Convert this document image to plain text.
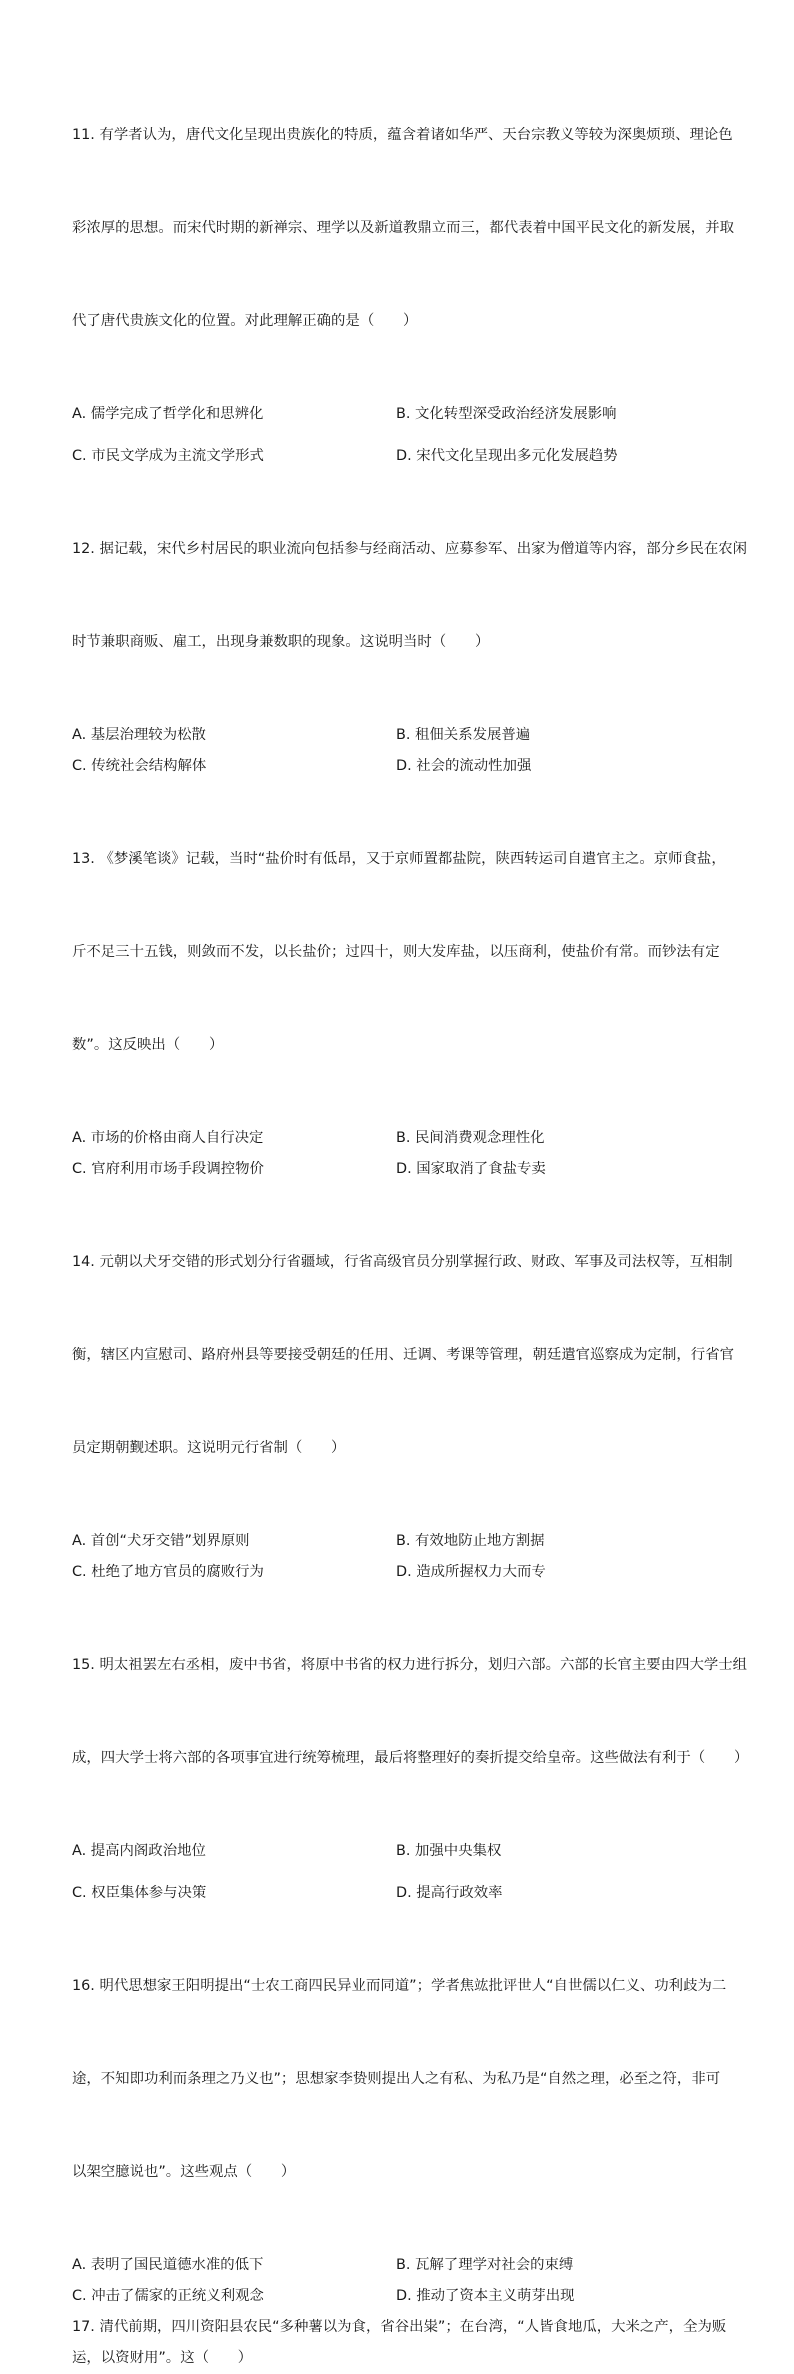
11. 有学者认为，唐代文化呈现出贵族化的特质，蕴含着诸如华严、天台宗教义等较为深奥烦琐、理论色

彩浓厚的思想。而宋代时期的新禅宗、理学以及新道教鼎立而三，都代表着中国平民文化的新发展，并取

代了唐代贵族文化的位置。对此理解正确的是（　　）

A. 儒学完成了哲学化和思辨化	B. 文化转型深受政治经济发展影响
C. 市民文学成为主流文学形式	D. 宋代文化呈现出多元化发展趋势

12. 据记载，宋代乡村居民的职业流向包括参与经商活动、应募参军、出家为僧道等内容，部分乡民在农闲

时节兼职商贩、雇工，出现身兼数职的现象。这说明当时（　　）

A. 基层治理较为松散	B. 租佃关系发展普遍
C. 传统社会结构解体	D. 社会的流动性加强

13. 《梦溪笔谈》记载，当时“盐价时有低昂，又于京师置都盐院，陕西转运司自遣官主之。京师食盐，

斤不足三十五钱，则敛而不发，以长盐价；过四十，则大发库盐，以压商利，使盐价有常。而钞法有定

数”。这反映出（　　）

A. 市场的价格由商人自行决定	B. 民间消费观念理性化
C. 官府利用市场手段调控物价	D. 国家取消了食盐专卖

14. 元朝以犬牙交错的形式划分行省疆域，行省高级官员分别掌握行政、财政、军事及司法权等，互相制

衡，辖区内宣慰司、路府州县等要接受朝廷的任用、迁调、考课等管理，朝廷遣官巡察成为定制，行省官

员定期朝觐述职。这说明元行省制（　　）

A. 首创“犬牙交错”划界原则	B. 有效地防止地方割据
C. 杜绝了地方官员的腐败行为	D. 造成所握权力大而专

15. 明太祖罢左右丞相，废中书省，将原中书省的权力进行拆分，划归六部。六部的长官主要由四大学士组

成，四大学士将六部的各项事宜进行统筹梳理，最后将整理好的奏折提交给皇帝。这些做法有利于（　　）

A. 提高内阁政治地位	B. 加强中央集权
C. 权臣集体参与决策	D. 提高行政效率

16. 明代思想家王阳明提出“士农工商四民异业而同道”；学者焦竑批评世人“自世儒以仁义、功利歧为二

途，不知即功利而条理之乃义也”；思想家李贽则提出人之有私、为私乃是“自然之理，必至之符，非可

以架空臆说也”。这些观点（　　）

A. 表明了国民道德水准的低下	B. 瓦解了理学对社会的束缚
C. 冲击了儒家的正统义利观念	D. 推动了资本主义萌芽出现
17. 清代前期，四川资阳县农民“多种薯以为食，省谷出粜”；在台湾，“人皆食地瓜，大米之产，全为贩
运，以资财用”。这（　　）
